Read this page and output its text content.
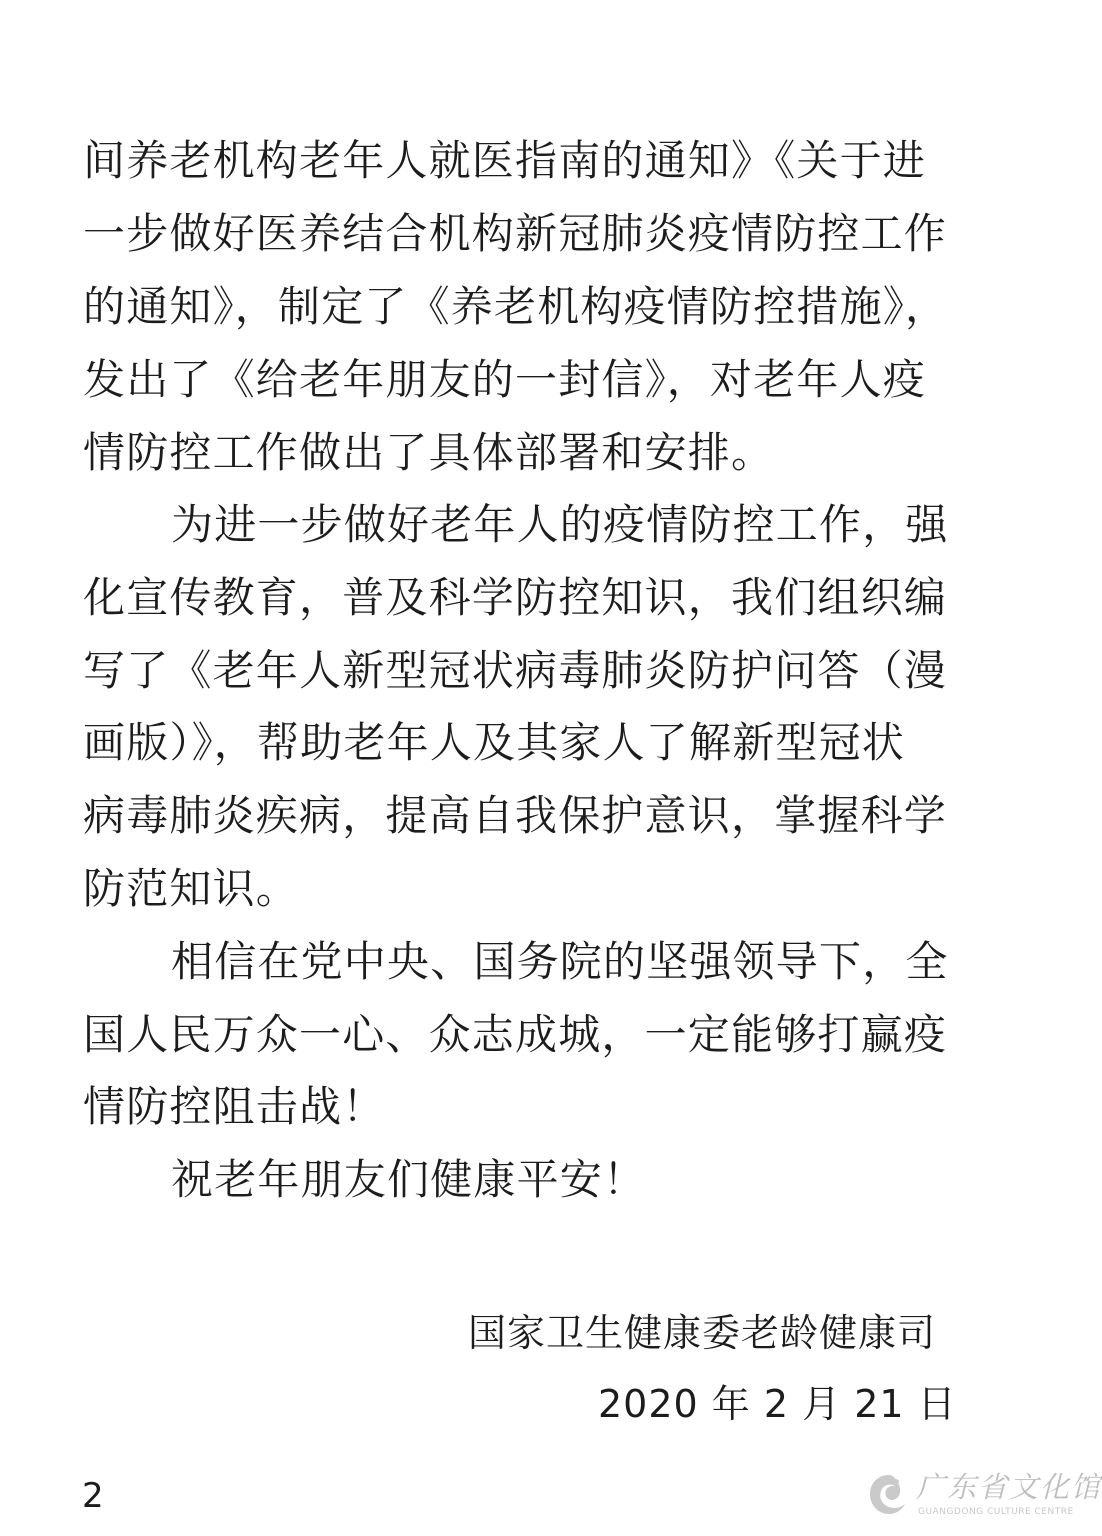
间养老机构老年人就医指南的通知》《关于进
一步做好医养结合机构新冠肺炎疫情防控工作
的通知》，制定了《养老机构疫情防控措施》，
发出了《给老年朋友的一封信》，对老年人疫
情防控工作做出了具体部署和安排。
为进一步做好老年人的疫情防控工作，强
化宣传教育，普及科学防控知识，我们组织编
写了《老年人新型冠状病毒肺炎防护问答（漫
画版）》，帮助老年人及其家人了解新型冠状
病毒肺炎疾病，提高自我保护意识，掌握科学
防范知识。
相信在党中央、国务院的坚强领导下，全
国人民万众一心、众志成城，一定能够打赢疫
情防控阻击战！
祝老年朋友们健康平安！
国家卫生健康委老龄健康司
2020 年 2 月 21 日
2	广东省文化馆
GUANGDONG CULTURE CENTRE
